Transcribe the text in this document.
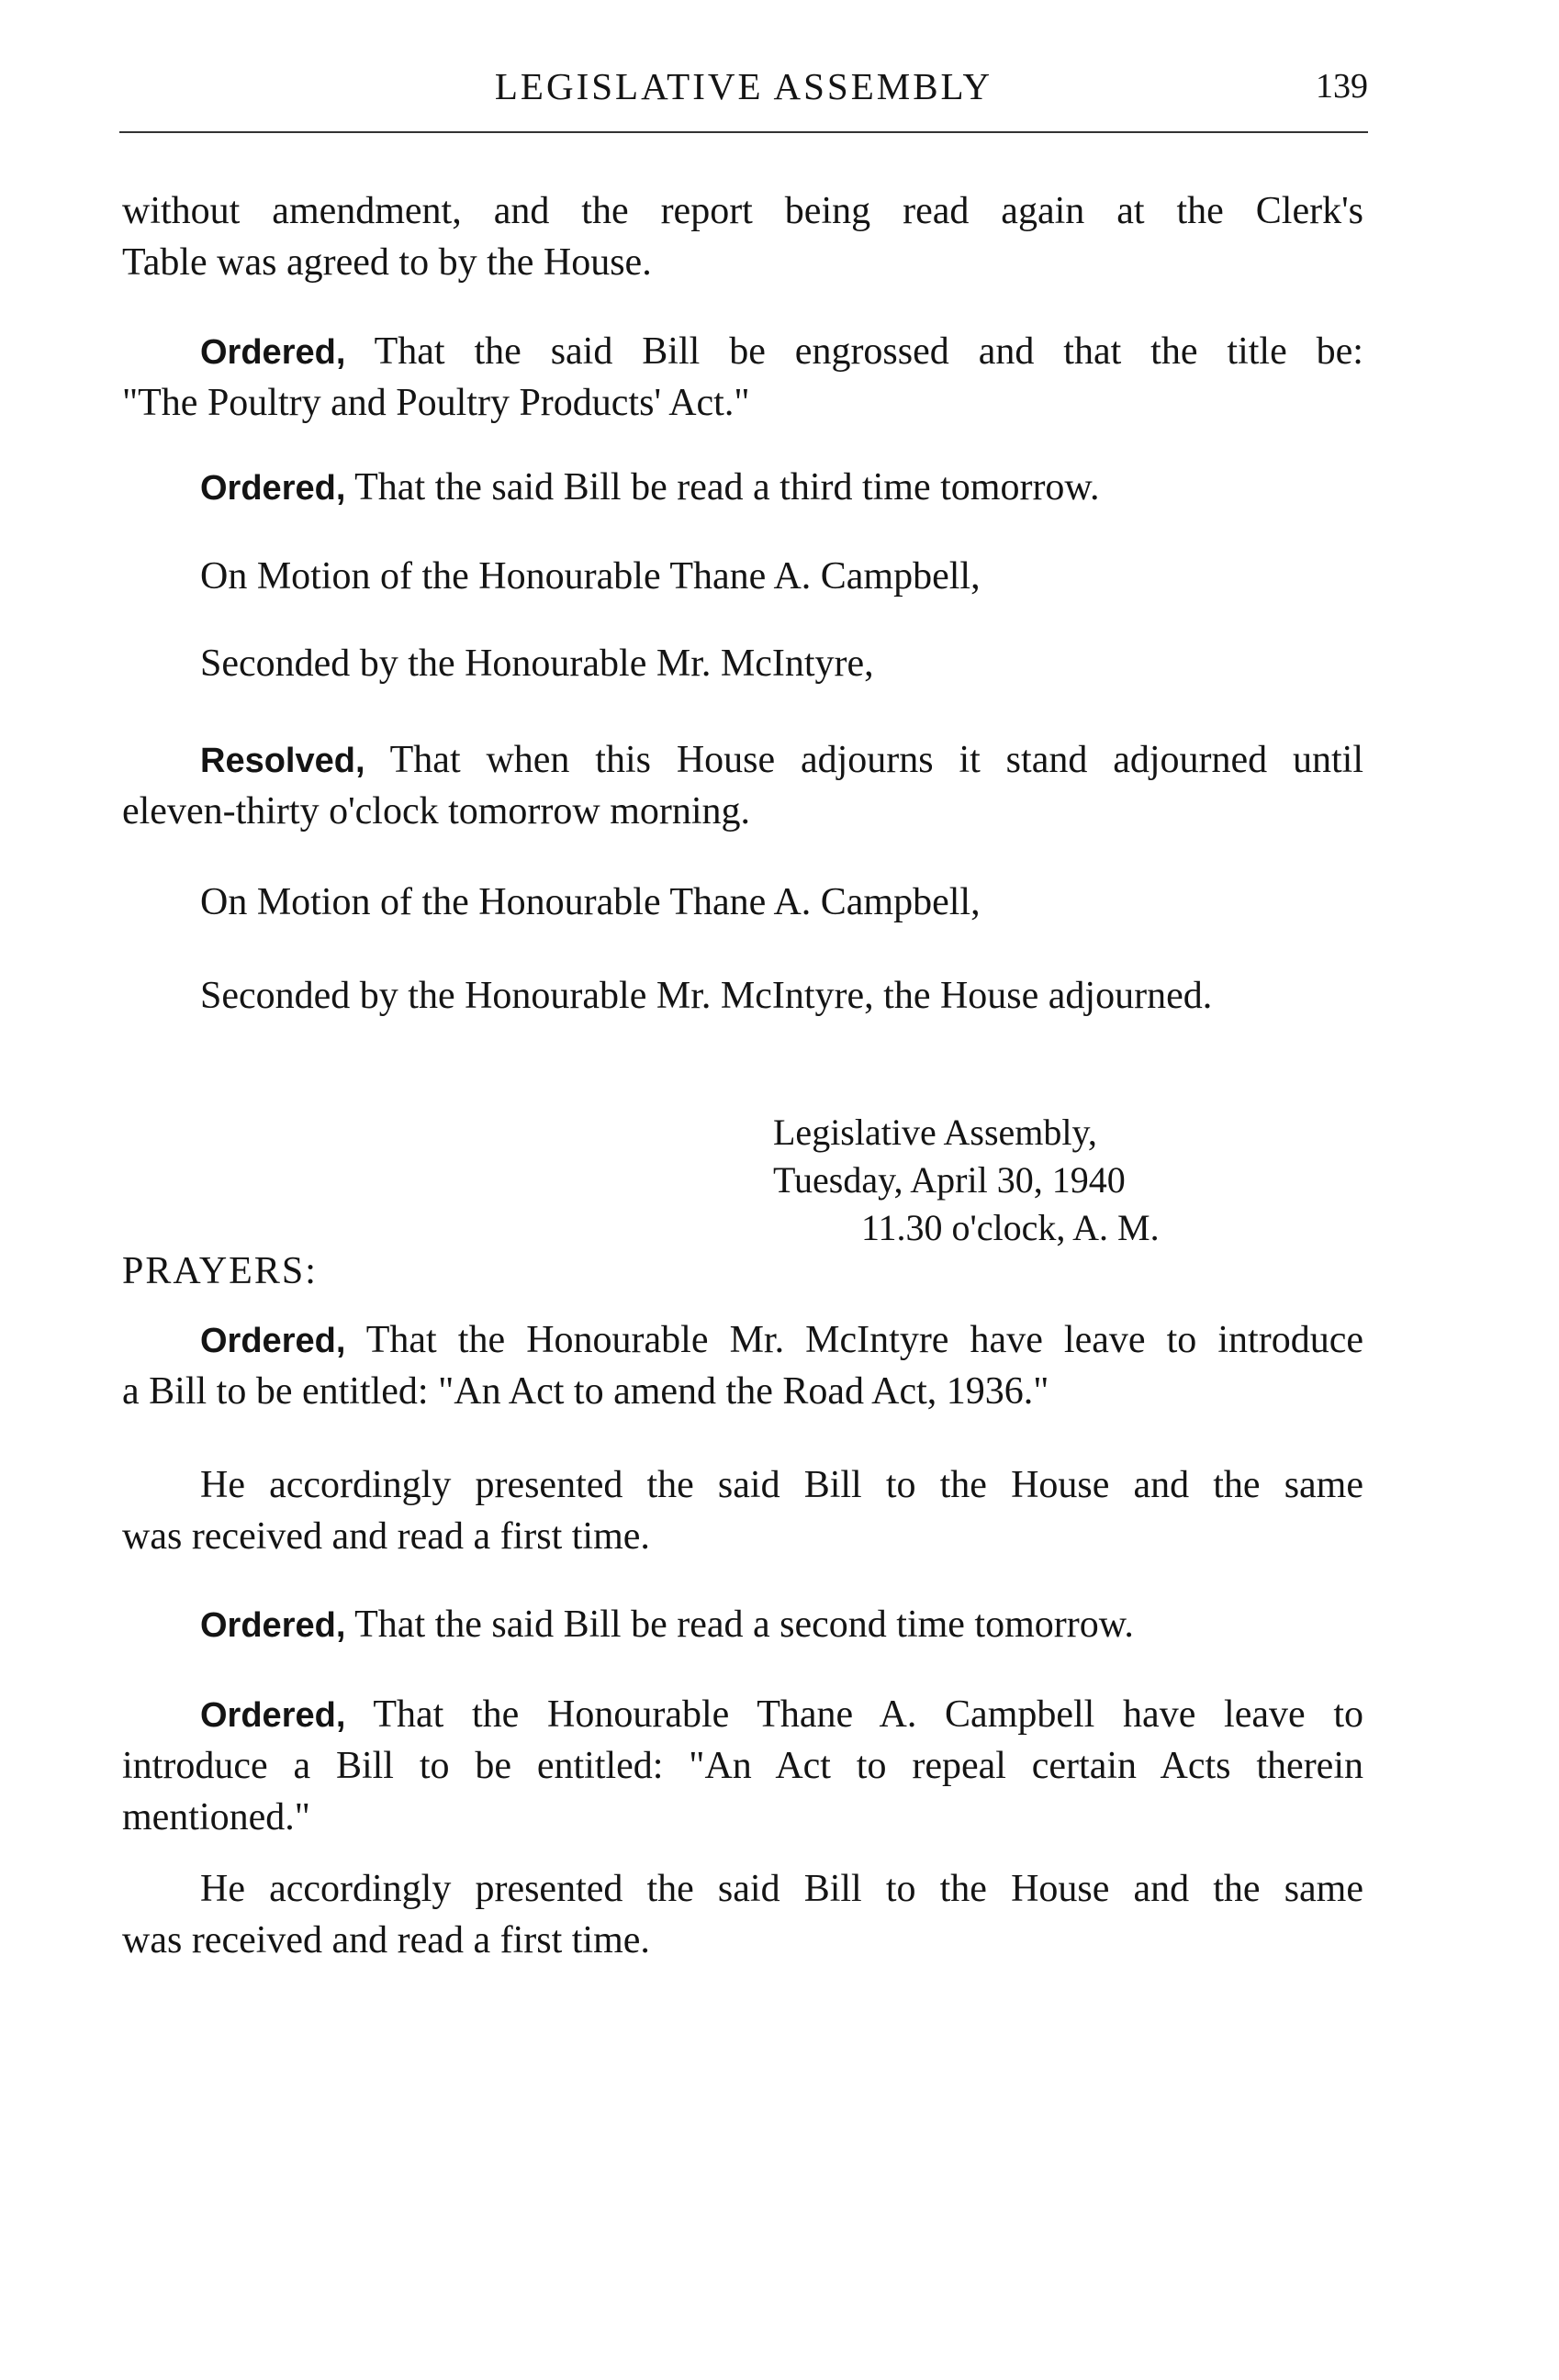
LEGISLATIVE ASSEMBLY	139
without amendment, and the report being read again at the Clerk's
Table was agreed to by the House.
Ordered, That the said Bill be engrossed and that the title be:
"The Poultry and Poultry Products' Act."
Ordered, That the said Bill be read a third time tomorrow.
On Motion of the Honourable Thane A. Campbell,
Seconded by the Honourable Mr. McIntyre,
Resolved, That when this House adjourns it stand adjourned until
eleven-thirty o'clock tomorrow morning.
On Motion of the Honourable Thane A. Campbell,
Seconded by the Honourable Mr. McIntyre, the House adjourned.
Legislative Assembly,
Tuesday, April 30, 1940
11.30 o'clock, A. M.
PRAYERS:
Ordered, That the Honourable Mr. McIntyre have leave to introduce
a Bill to be entitled: "An Act to amend the Road Act, 1936."
He accordingly presented the said Bill to the House and the same
was received and read a first time.
Ordered, That the said Bill be read a second time tomorrow.
Ordered, That the Honourable Thane A. Campbell have leave to
introduce a Bill to be entitled: "An Act to repeal certain Acts therein
mentioned."
He accordingly presented the said Bill to the House and the same
was received and read a first time.
